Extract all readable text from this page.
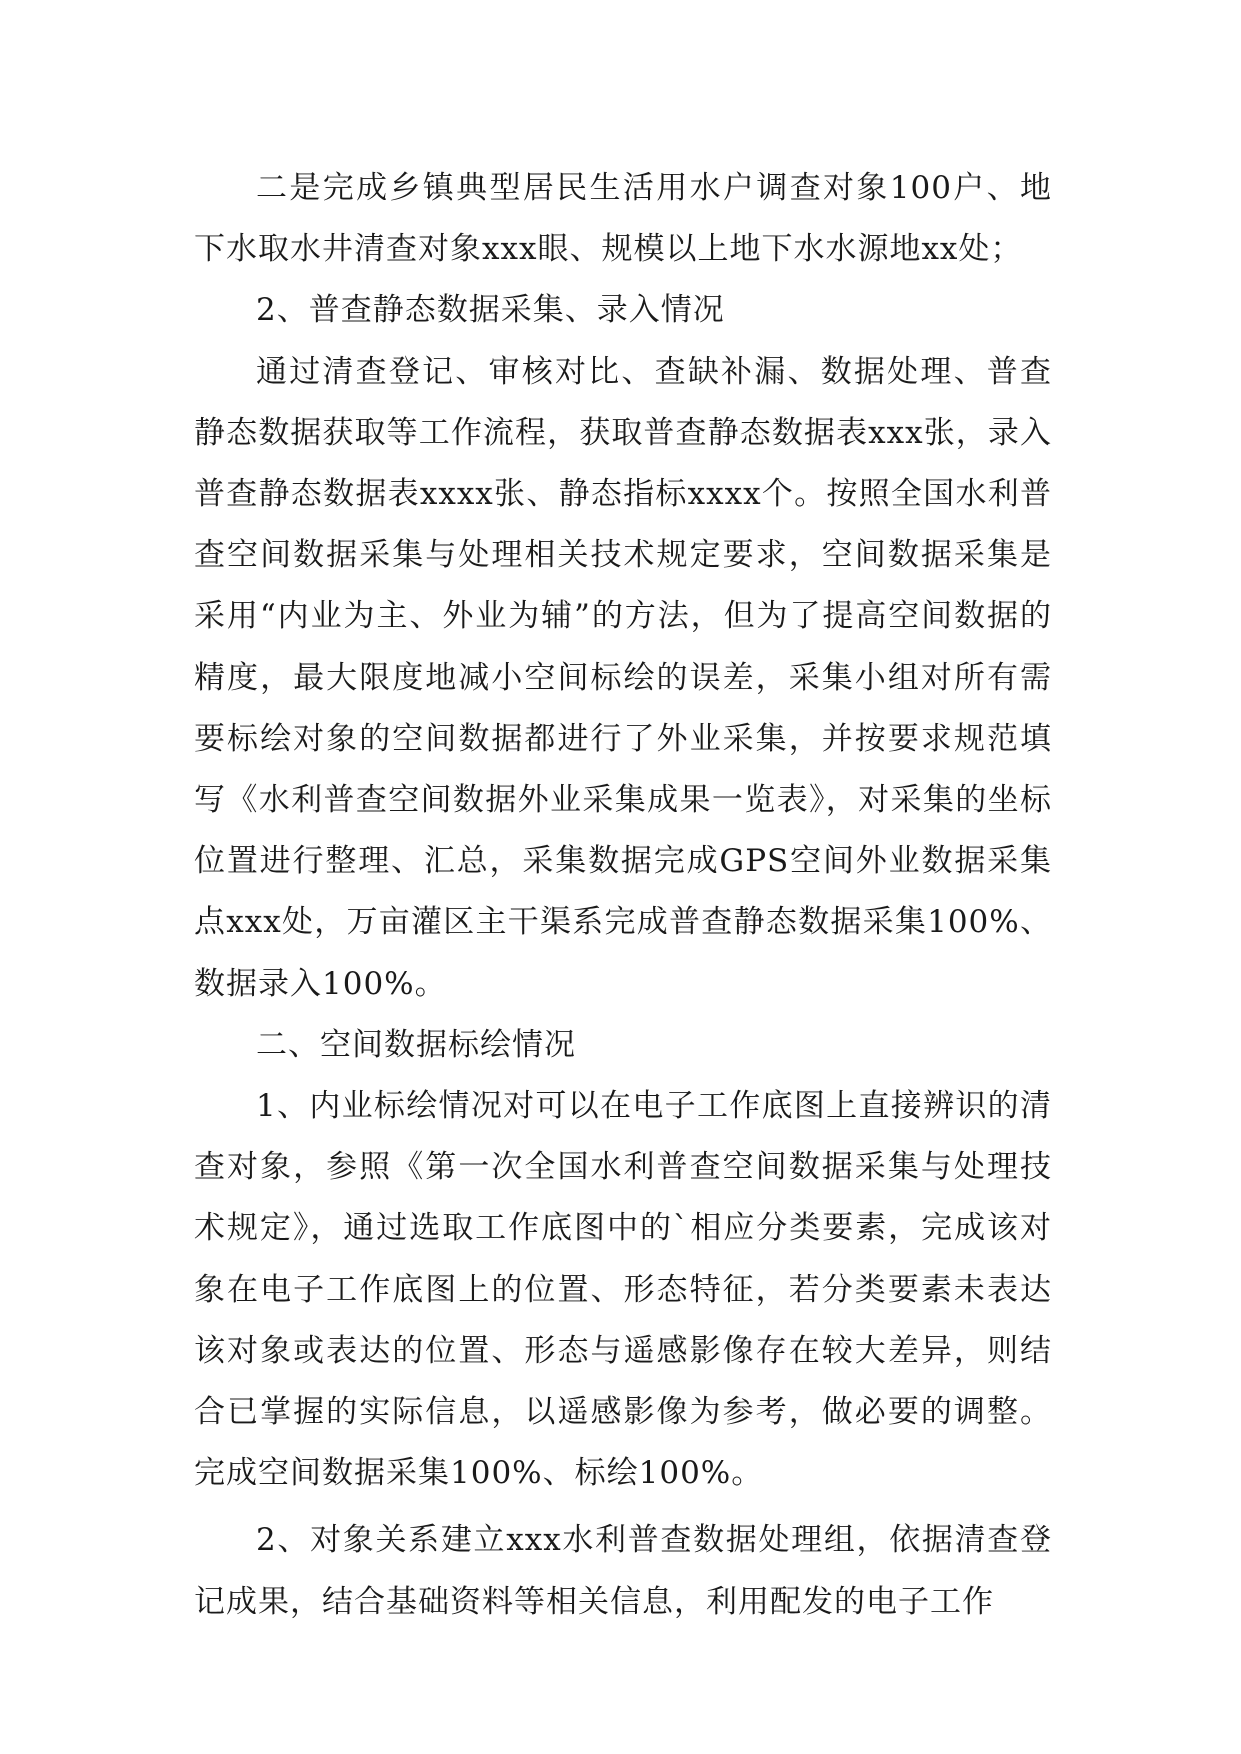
二是完成乡镇典型居民生活用水户调查对象100户、地下水取水井清查对象xxx眼、规模以上地下水水源地xx处；

2、普查静态数据采集、录入情况

通过清查登记、审核对比、查缺补漏、数据处理、普查静态数据获取等工作流程，获取普查静态数据表xxx张，录入普查静态数据表xxxx张、静态指标xxxx个。按照全国水利普查空间数据采集与处理相关技术规定要求，空间数据采集是采用“内业为主、外业为辅”的方法，但为了提高空间数据的精度，最大限度地减小空间标绘的误差，采集小组对所有需要标绘对象的空间数据都进行了外业采集，并按要求规范填写《水利普查空间数据外业采集成果一览表》，对采集的坐标位置进行整理、汇总，采集数据完成GPS空间外业数据采集点xxx处，万亩灌区主干渠系完成普查静态数据采集100%、数据录入100%。

二、空间数据标绘情况

1、内业标绘情况对可以在电子工作底图上直接辨识的清查对象，参照《第一次全国水利普查空间数据采集与处理技术规定》，通过选取工作底图中的`相应分类要素，完成该对象在电子工作底图上的位置、形态特征，若分类要素未表达该对象或表达的位置、形态与遥感影像存在较大差异，则结合已掌握的实际信息，以遥感影像为参考，做必要的调整。完成空间数据采集100%、标绘100%。

2、对象关系建立xxx水利普查数据处理组，依据清查登记成果，结合基础资料等相关信息，利用配发的电子工作
